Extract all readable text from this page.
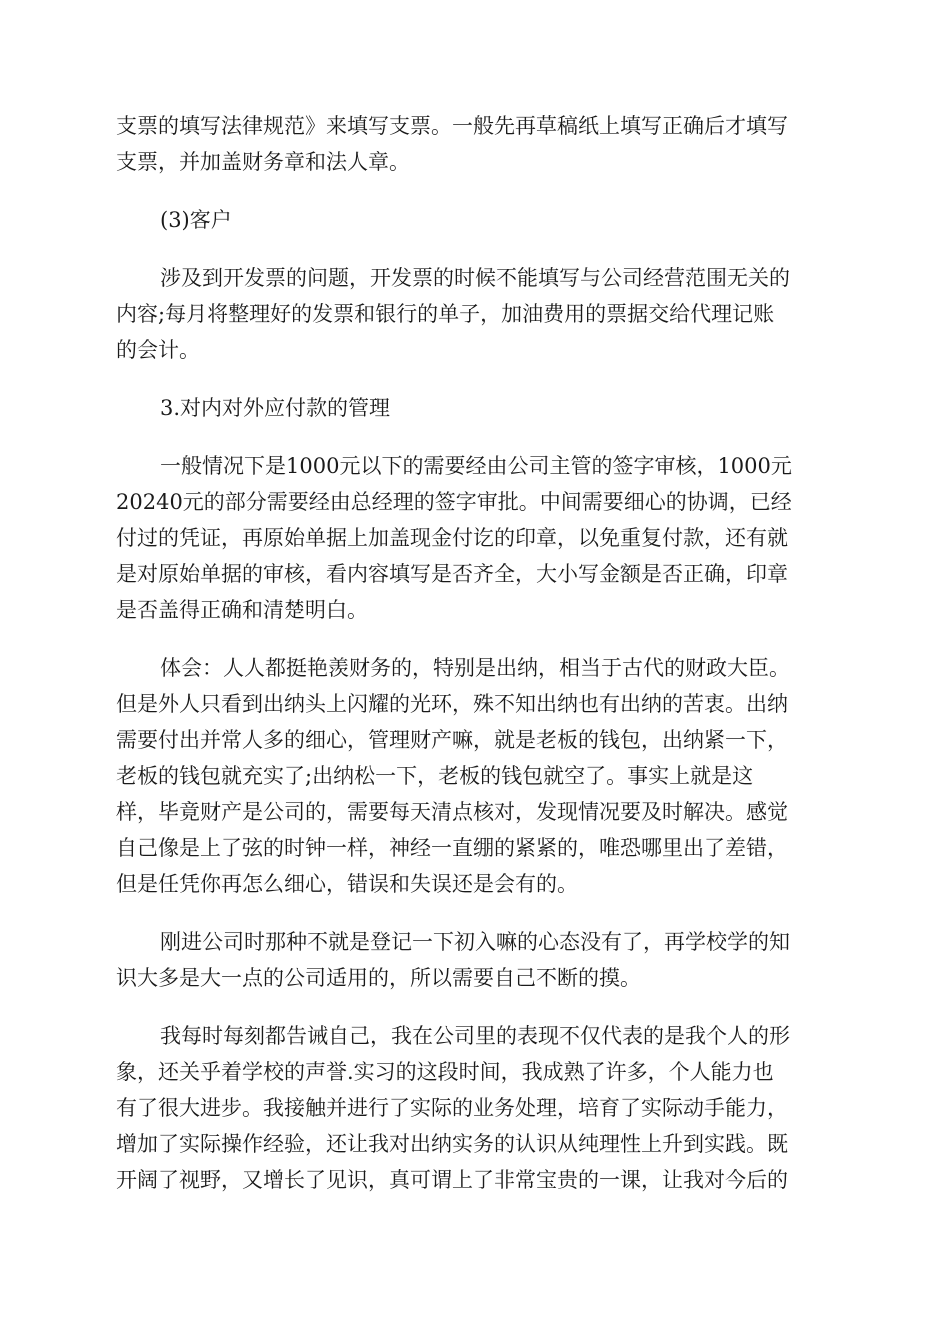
支票的填写法律规范》来填写支票。一般先再草稿纸上填写正确后才填写
支票，并加盖财务章和法人章。

(3)客户

涉及到开发票的问题，开发票的时候不能填写与公司经营范围无关的
内容;每月将整理好的发票和银行的单子，加油费用的票据交给代理记账
的会计。

3.对内对外应付款的管理

一般情况下是1000元以下的需要经由公司主管的签字审核，1000元
20240元的部分需要经由总经理的签字审批。中间需要细心的协调，已经
付过的凭证，再原始单据上加盖现金付讫的印章，以免重复付款，还有就
是对原始单据的审核，看内容填写是否齐全，大小写金额是否正确，印章
是否盖得正确和清楚明白。

体会：人人都挺艳羡财务的，特别是出纳，相当于古代的财政大臣。
但是外人只看到出纳头上闪耀的光环，殊不知出纳也有出纳的苦衷。出纳
需要付出并常人多的细心，管理财产嘛，就是老板的钱包，出纳紧一下，
老板的钱包就充实了;出纳松一下，老板的钱包就空了。事实上就是这
样，毕竟财产是公司的，需要每天清点核对，发现情况要及时解决。感觉
自己像是上了弦的时钟一样，神经一直绷的紧紧的，唯恐哪里出了差错，
但是任凭你再怎么细心，错误和失误还是会有的。

刚进公司时那种不就是登记一下初入嘛的心态没有了，再学校学的知
识大多是大一点的公司适用的，所以需要自己不断的摸。

我每时每刻都告诫自己，我在公司里的表现不仅代表的是我个人的形
象，还关乎着学校的声誉.实习的这段时间，我成熟了许多，个人能力也
有了很大进步。我接触并进行了实际的业务处理，培育了实际动手能力，
增加了实际操作经验，还让我对出纳实务的认识从纯理性上升到实践。既
开阔了视野，又增长了见识，真可谓上了非常宝贵的一课，让我对今后的
